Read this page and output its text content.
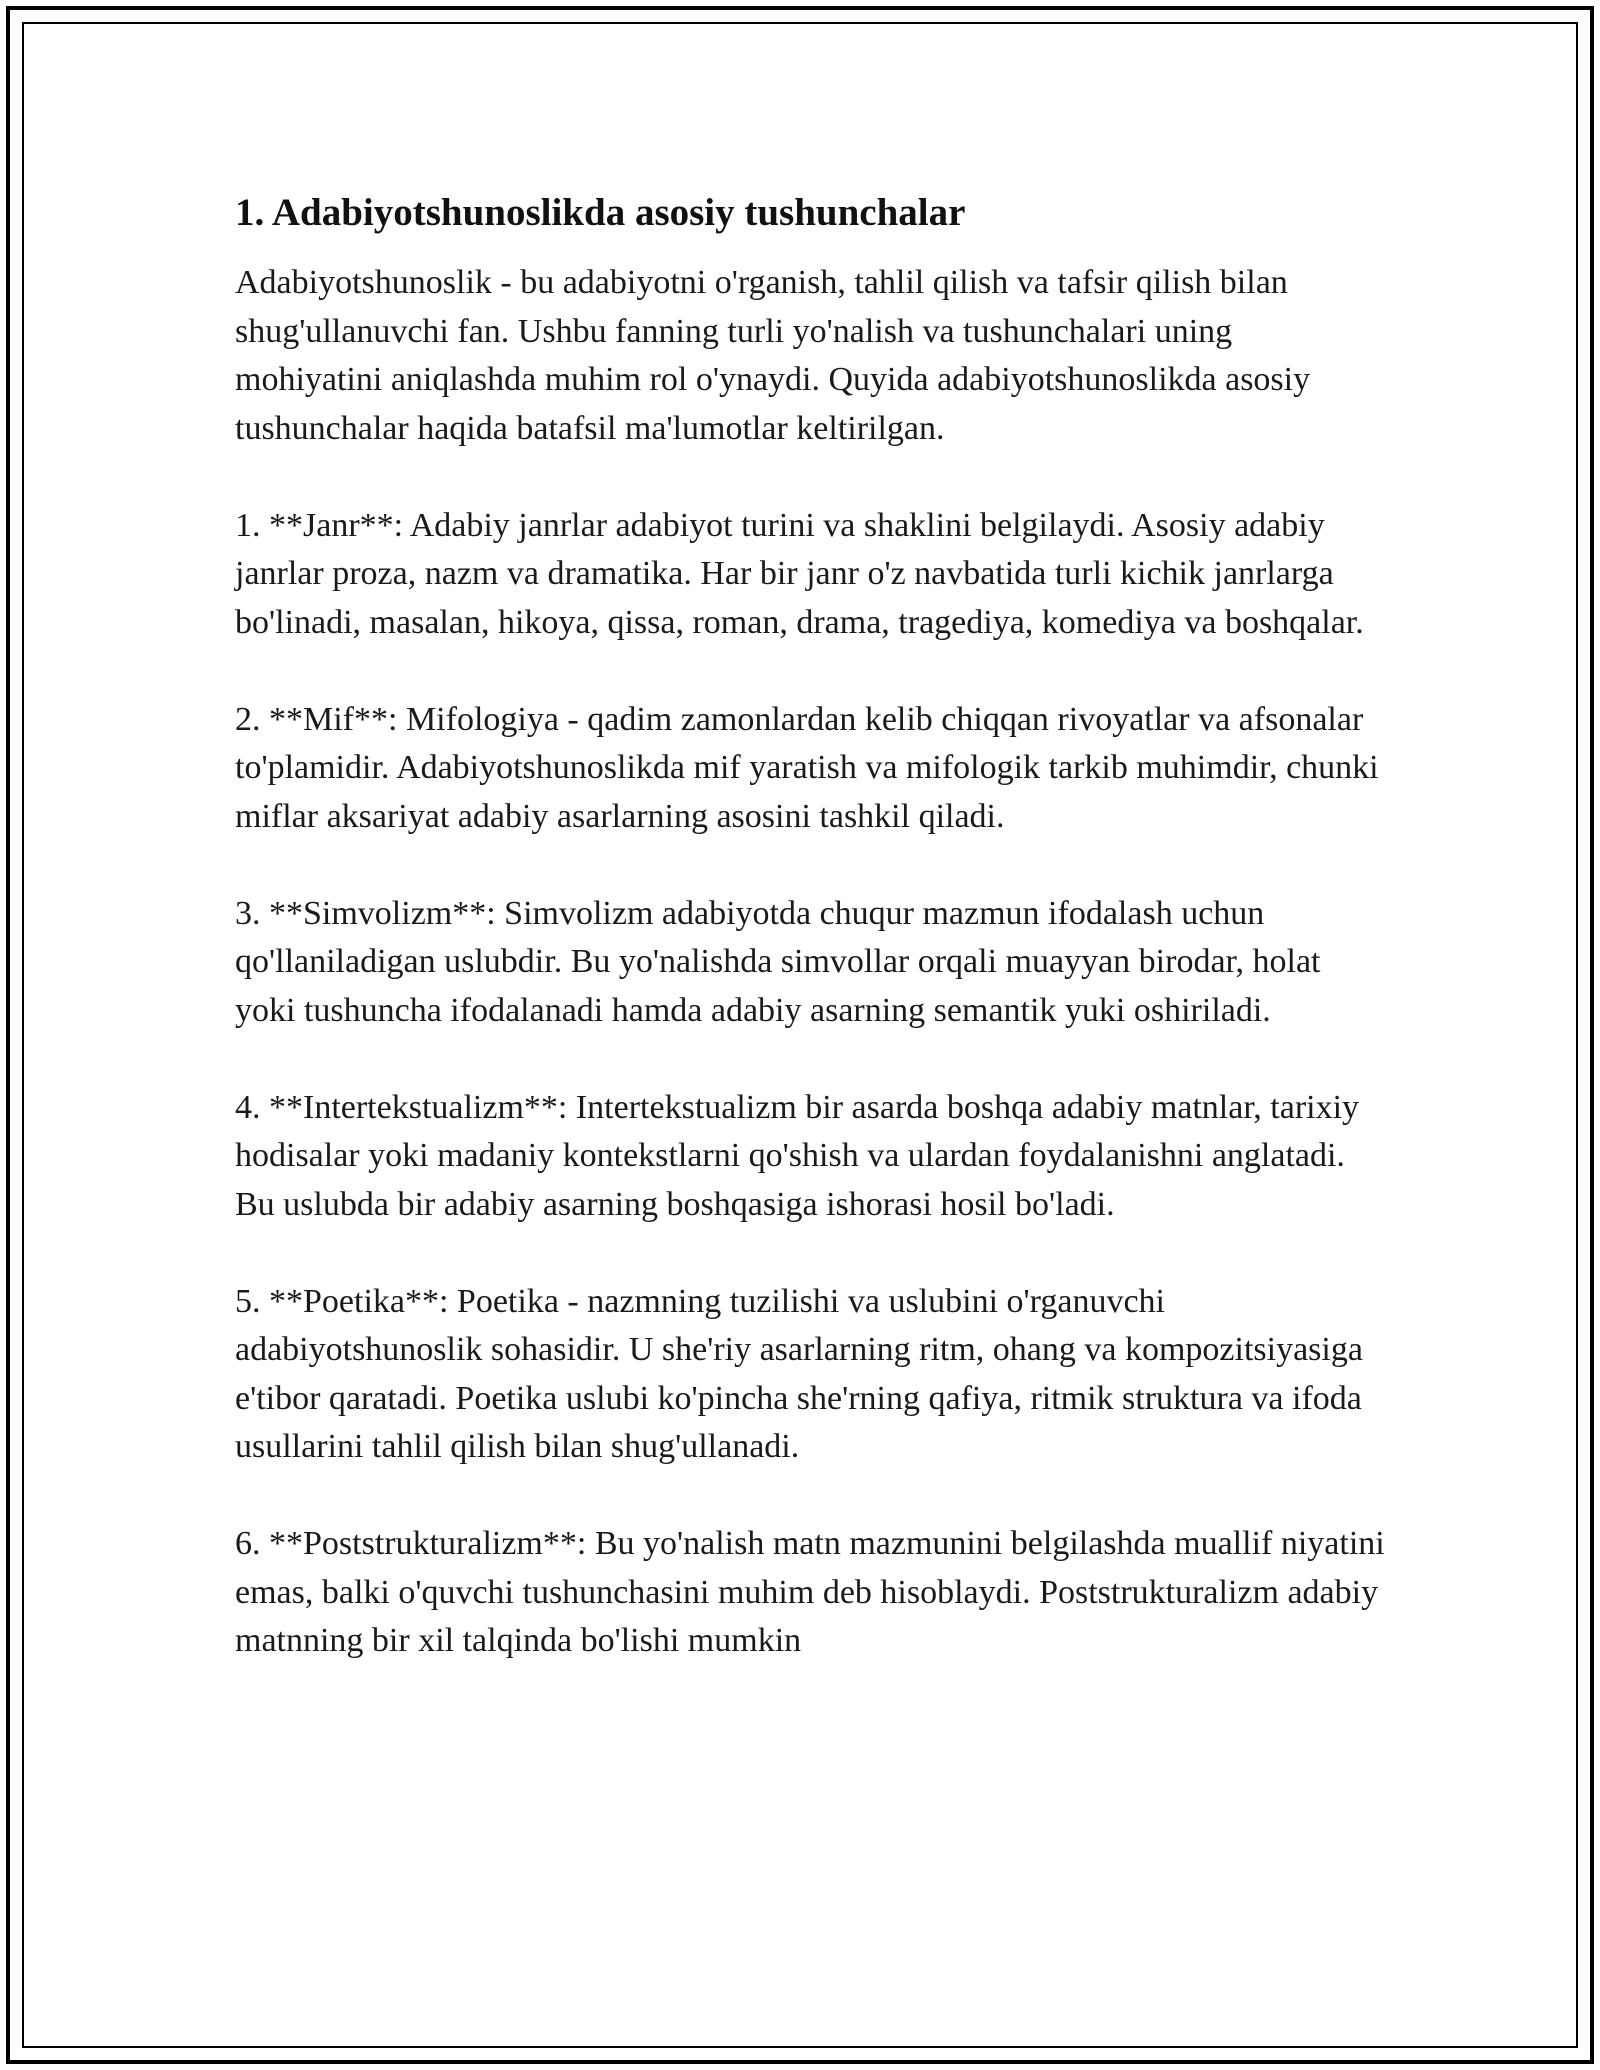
1. Adabiyotshunoslikda asosiy tushunchalar

Adabiyotshunoslik - bu adabiyotni o'rganish, tahlil qilish va tafsir qilish bilan shug'ullanuvchi fan. Ushbu fanning turli yo'nalish va tushunchalari uning mohiyatini aniqlashda muhim rol o'ynaydi. Quyida adabiyotshunoslikda asosiy tushunchalar haqida batafsil ma'lumotlar keltirilgan.

1. **Janr**: Adabiy janrlar adabiyot turini va shaklini belgilaydi. Asosiy adabiy janrlar proza, nazm va dramatika. Har bir janr o'z navbatida turli kichik janrlarga bo'linadi, masalan, hikoya, qissa, roman, drama, tragediya, komediya va boshqalar.

2. **Mif**: Mifologiya - qadim zamonlardan kelib chiqqan rivoyatlar va afsonalar to'plamidir. Adabiyotshunoslikda mif yaratish va mifologik tarkib muhimdir, chunki miflar aksariyat adabiy asarlarning asosini tashkil qiladi.

3. **Simvolizm**: Simvolizm adabiyotda chuqur mazmun ifodalash uchun qo'llaniladigan uslubdir. Bu yo'nalishda simvollar orqali muayyan birodar, holat yoki tushuncha ifodalanadi hamda adabiy asarning semantik yuki oshiriladi.

4. **Intertekstualizm**: Intertekstualizm bir asarda boshqa adabiy matnlar, tarixiy hodisalar yoki madaniy kontekstlarni qo'shish va ulardan foydalanishni anglatadi. Bu uslubda bir adabiy asarning boshqasiga ishorasi hosil bo'ladi.

5. **Poetika**: Poetika - nazmning tuzilishi va uslubini o'rganuvchi adabiyotshunoslik sohasidir. U she'riy asarlarning ritm, ohang va kompozitsiyasiga e'tibor qaratadi. Poetika uslubi ko'pincha she'rning qafiya, ritmik struktura va ifoda usullarini tahlil qilish bilan shug'ullanadi.

6. **Poststrukturalizm**: Bu yo'nalish matn mazmunini belgilashda muallif niyatini emas, balki o'quvchi tushunchasini muhim deb hisoblaydi. Poststrukturalizm adabiy matnning bir xil talqinda bo'lishi mumkin
